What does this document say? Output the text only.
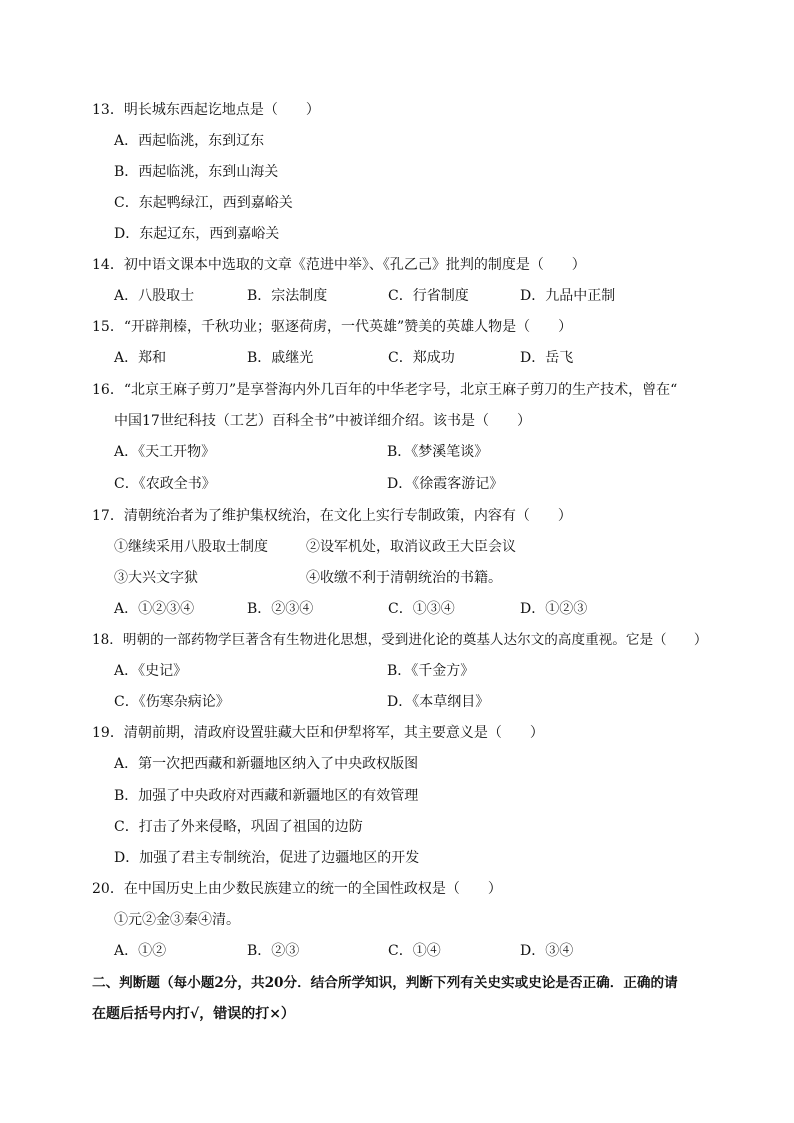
13．明长城东西起讫地点是（　　）
A．西起临洮，东到辽东
B．西起临洮，东到山海关
C．东起鸭绿江，西到嘉峪关
D．东起辽东，西到嘉峪关
14．初中语文课本中选取的文章《范进中举》、《孔乙己》批判的制度是（　　）
A．八股取士	B．宗法制度	C．行省制度	D．九品中正制
15．“开辟荆榛，千秋功业；驱逐荷虏，一代英雄”赞美的英雄人物是（　　）
A．郑和	B．戚继光	C．郑成功	D．岳飞
16．“北京王麻子剪刀”是享誉海内外几百年的中华老字号，北京王麻子剪刀的生产技术，曾在“
中国17世纪科技（工艺）百科全书”中被详细介绍。该书是（　　）
A．《天工开物》	B．《梦溪笔谈》
C．《农政全书》	D．《徐霞客游记》
17．清朝统治者为了维护集权统治，在文化上实行专制政策，内容有（　　）
①继续采用八股取士制度	②设军机处，取消议政王大臣会议
③大兴文字狱	④收缴不利于清朝统治的书籍。
A．①②③④	B．②③④	C．①③④	D．①②③
18．明朝的一部药物学巨著含有生物进化思想，受到进化论的奠基人达尔文的高度重视。它是（　　）
A．《史记》	B．《千金方》
C．《伤寒杂病论》	D．《本草纲目》
19．清朝前期，清政府设置驻藏大臣和伊犁将军，其主要意义是（　　）
A．第一次把西藏和新疆地区纳入了中央政权版图
B．加强了中央政府对西藏和新疆地区的有效管理
C．打击了外来侵略，巩固了祖国的边防
D．加强了君主专制统治，促进了边疆地区的开发
20．在中国历史上由少数民族建立的统一的全国性政权是（　　）
①元②金③秦④清。
A．①②	B．②③	C．①④	D．③④
二、判断题（每小题2分，共20分．结合所学知识，判断下列有关史实或史论是否正确．正确的请
在题后括号内打√，错误的打×）
